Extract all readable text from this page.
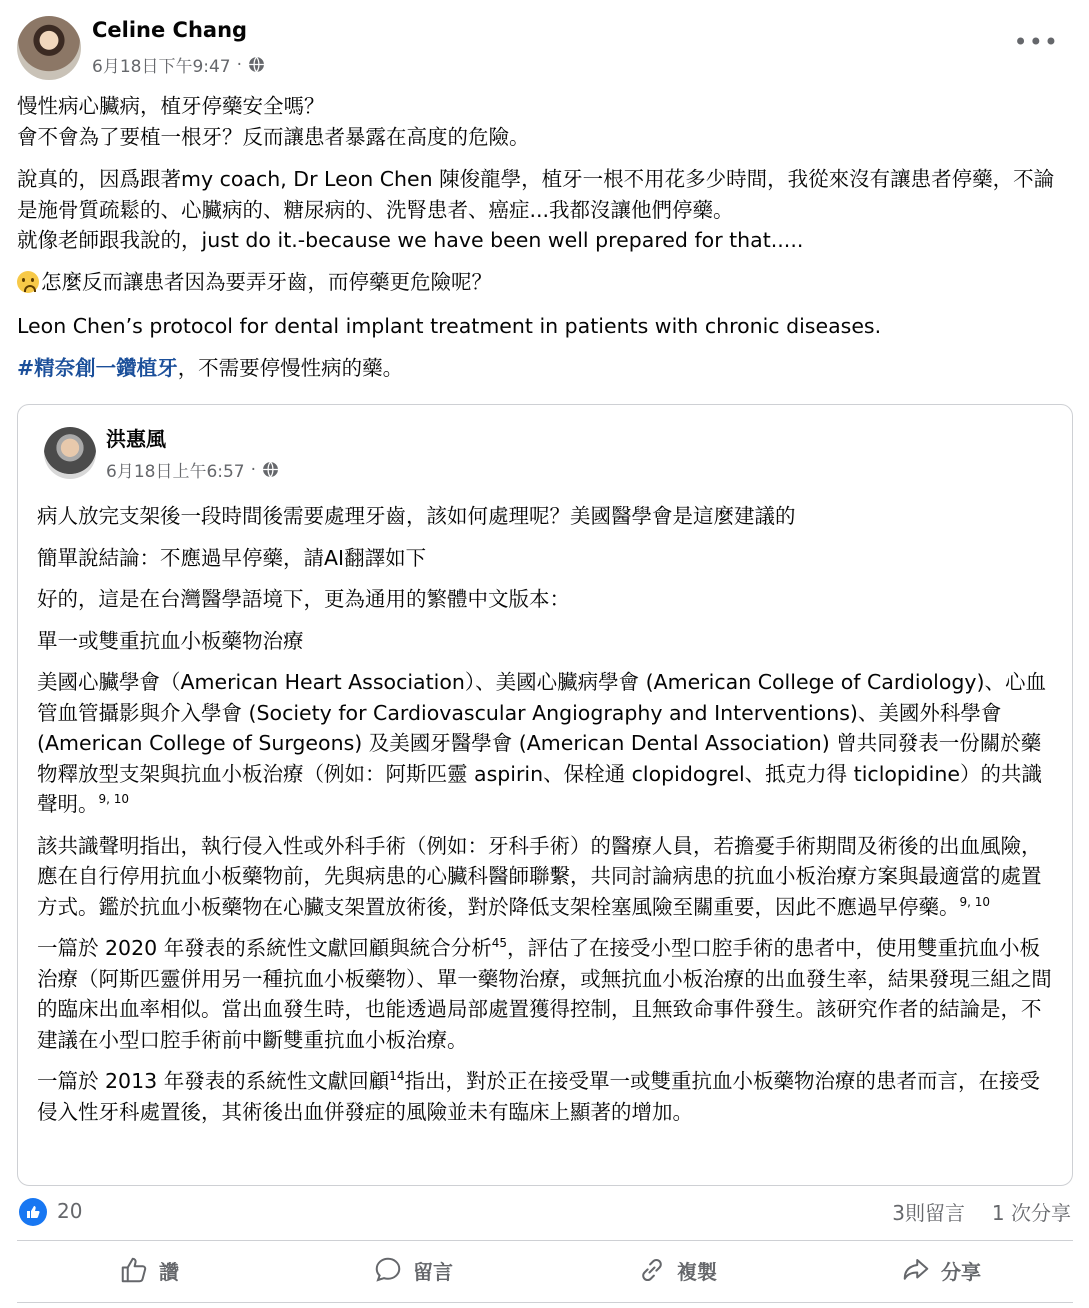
Celine Chang
6月18日下午9:47 ·
•••

慢性病心臟病，植牙停藥安全嗎？

會不會為了要植一根牙？￼反而讓患者暴露在高度的危險。

說真的，因爲跟著my coach, Dr Leon Chen 陳俊龍學，植牙一根不用花多少時間，我從來沒有讓患者停藥，不論是施骨質疏鬆的￼、心臟病的、糖尿病的、洗腎患者、癌症...我都沒讓他們停藥。

就像老師跟我說的，just do it.-because we have been well prepared for that.....

怎麼反而讓患者因為要弄牙齒，而停藥更危險呢？

Leon Chen’s protocol for dental implant treatment in patients with chronic diseases.

#精奈創一鑽植牙，不需要停慢性病的藥。

洪惠風
6月18日上午6:57 ·

病人放完支架後一段時間後需要處理牙齒，該如何處理呢？美國醫學會是這麼建議的

簡單說結論：不應過早停藥，請AI翻譯如下

好的，這是在台灣醫學語境下，更為通用的繁體中文版本：

單一或雙重抗血小板藥物治療

美國心臟學會（American Heart Association）、美國心臟病學會 (American College of Cardiology)、心血管血管攝影與介入學會 (Society for Cardiovascular Angiography and Interventions)、美國外科學會 (American College of Surgeons) 及美國牙醫學會 (American Dental Association) 曾共同發表一份關於藥物釋放型支架與抗血小板治療（例如：阿斯匹靈 aspirin、保栓通 clopidogrel、抵克力得 ticlopidine）的共識聲明。$^{9, 10}$

該共識聲明指出，執行侵入性或外科手術（例如：牙科手術）的醫療人員，若擔憂手術期間及術後的出血風險，應在自行停用抗血小板藥物前，先與病患的心臟科醫師聯繫，共同討論病患的抗血小板治療方案與最適當的處置方式。鑑於抗血小板藥物在心臟支架置放術後，對於降低支架栓塞風險至關重要，因此不應過早停藥。$^{9, 10}$

一篇於 2020 年發表的系統性文獻回顧與統合分析$^{45}$，評估了在接受小型口腔手術的患者中，使用雙重抗血小板治療（阿斯匹靈併用另一種抗血小板藥物）、單一藥物治療，或無抗血小板治療的出血發生率，結果發現三組之間的臨床出血率相似。當出血發生時，也能透過局部處置獲得控制，且無致命事件發生。該研究作者的結論是，不建議在小型口腔手術前中斷雙重抗血小板治療。

一篇於 2013 年發表的系統性文獻回顧$^{14}$指出，對於正在接受單一或雙重抗血小板藥物治療的患者而言，在接受侵入性牙科處置後，其術後出血併發症的風險並未有臨床上顯著的增加。

20	3則留言 1 次分享
讚	留言	複製	分享
